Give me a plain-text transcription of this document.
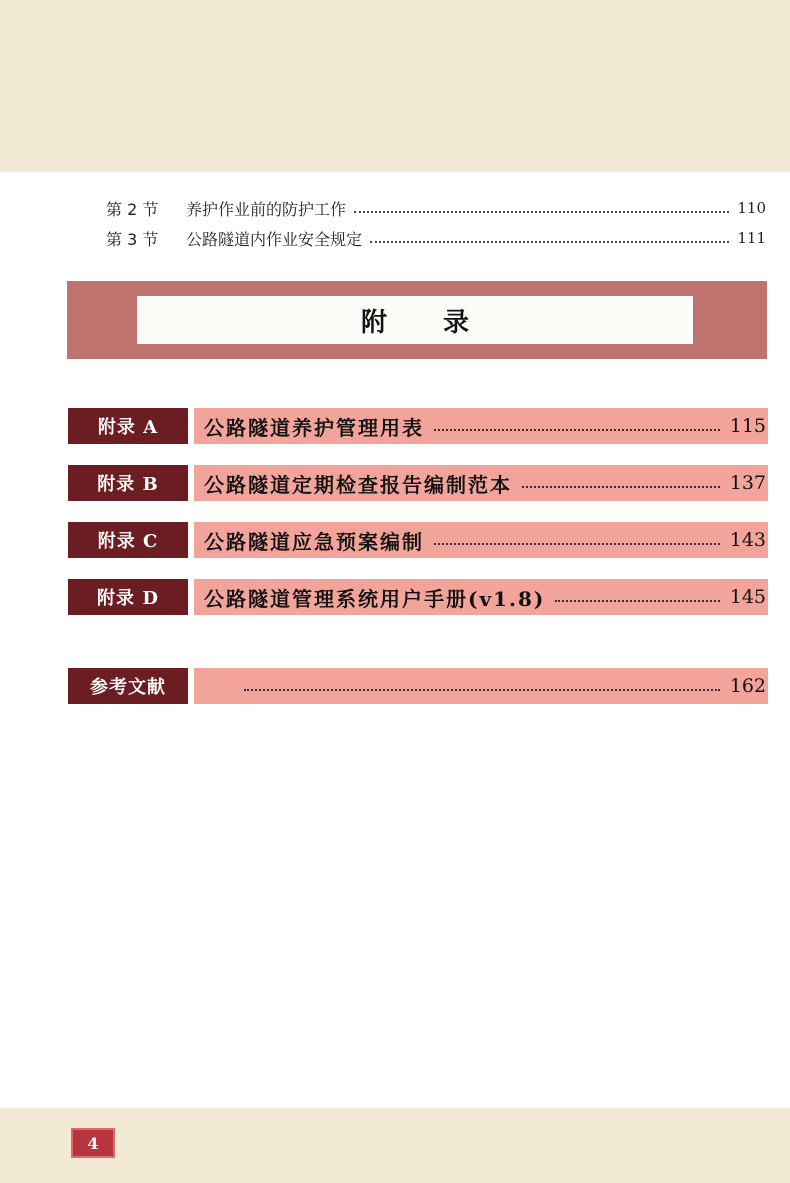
第 2 节	养护作业前的防护工作	110
第 3 节	公路隧道内作业安全规定	111
附录
附录 A	公路隧道养护管理用表	115
附录 B	公路隧道定期检查报告编制范本	137
附录 C	公路隧道应急预案编制	143
附录 D	公路隧道管理系统用户手册(v1.8)	145
参考文献	162
4
